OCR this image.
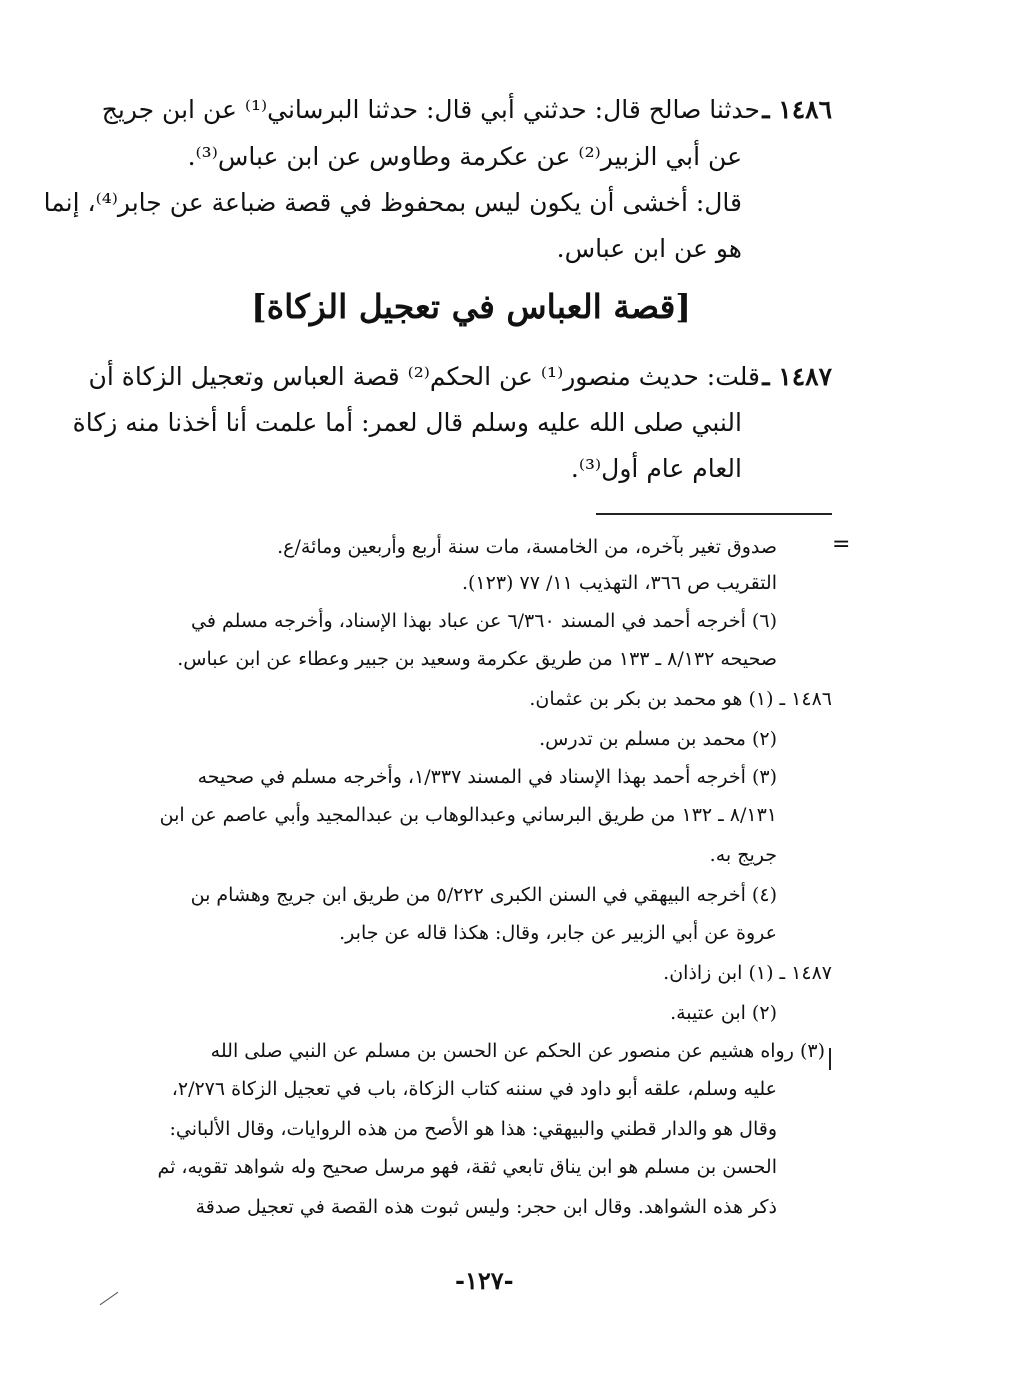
١٤٨٦ ـ
حدثنا صالح قال: حدثني أبي قال: حدثنا البرساني⁽¹⁾ عن ابن جريج
عن أبي الزبير⁽²⁾ عن عكرمة وطاوس عن ابن عباس⁽³⁾.
قال: أخشى أن يكون ليس بمحفوظ في قصة ضباعة عن جابر⁽⁴⁾، إنما
هو عن ابن عباس.
[قصة العباس في تعجيل الزكاة]
١٤٨٧ ـ
قلت: حديث منصور⁽¹⁾ عن الحكم⁽²⁾ قصة العباس وتعجيل الزكاة أن
النبي صلى الله عليه وسلم قال لعمر: أما علمت أنا أخذنا منه زكاة
العام عام أول⁽³⁾.
=
صدوق تغير بآخره، من الخامسة، مات سنة أربع وأربعين ومائة/ع.
التقريب ص ٣٦٦، التهذيب ١١/ ٧٧ (١٢٣).
(٦) أخرجه أحمد في المسند ٦/٣٦٠ عن عباد بهذا الإسناد، وأخرجه مسلم في
صحيحه ٨/١٣٢ ـ ١٣٣ من طريق عكرمة وسعيد بن جبير وعطاء عن ابن عباس.
١٤٨٦ ـ (١) هو محمد بن بكر بن عثمان.
(٢) محمد بن مسلم بن تدرس.
(٣) أخرجه أحمد بهذا الإسناد في المسند ١/٣٣٧، وأخرجه مسلم في صحيحه
٨/١٣١ ـ ١٣٢ من طريق البرساني وعبدالوهاب بن عبدالمجيد وأبي عاصم عن ابن
جريج به.
(٤) أخرجه البيهقي في السنن الكبرى ٥/٢٢٢ من طريق ابن جريج وهشام بن
عروة عن أبي الزبير عن جابر، وقال: هكذا قاله عن جابر.
١٤٨٧ ـ (١) ابن زاذان.
(٢) ابن عتيبة.
(٣) رواه هشيم عن منصور عن الحكم عن الحسن بن مسلم عن النبي صلى الله
عليه وسلم، علقه أبو داود في سننه كتاب الزكاة، باب في تعجيل الزكاة ٢/٢٧٦،
وقال هو والدار قطني والبيهقي: هذا هو الأصح من هذه الروايات، وقال الألباني:
الحسن بن مسلم هو ابن يناق تابعي ثقة، فهو مرسل صحيح وله شواهد تقويه، ثم
ذكر هذه الشواهد. وقال ابن حجر: وليس ثبوت هذه القصة في تعجيل صدقة
-١٢٧-
